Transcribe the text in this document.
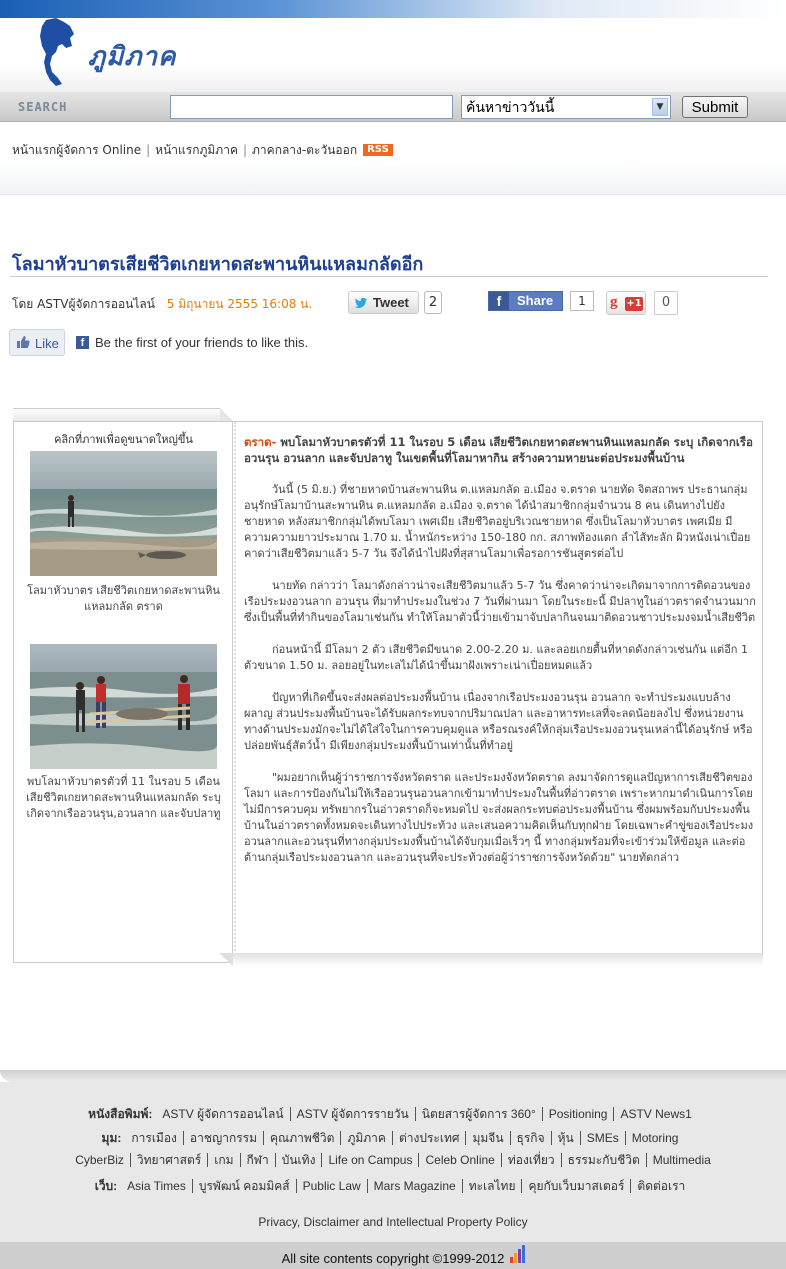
ภูมิภาค
SEARCH	ค้นหาข่าววันนี้	▼	Submit
หน้าแรกผู้จัดการ Online | หน้าแรกภูมิภาค | ภาคกลาง-ตะวันออก RSS
โลมาหัวบาตรเสียชีวิตเกยหาดสะพานหินแหลมกลัดอีก
โดย ASTVผู้จัดการออนไลน์ 5 มิถุนายน 2555 16:08 น.	Tweet	2	f	Share	1	g +1	0
Like	f Be the first of your friends to like this.
คลิกที่ภาพเพื่อดูขนาดใหญ่ขึ้น
โลมาหัวบาตร เสียชีวิตเกยหาดสะพานหินแหลมกลัด ตราด
พบโลมาหัวบาตรตัวที่ 11 ในรอบ 5 เดือน เสียชีวิตเกยหาดสะพานหินแหลมกลัด ระบุเกิดจากเรืออวนรุน,อวนลาก และจับปลาทู
ตราด- พบโลมาหัวบาตรตัวที่ 11 ในรอบ 5 เดือน เสียชีวิตเกยหาดสะพานหินแหลมกลัด ระบุ เกิดจากเรืออวนรุน อวนลาก และจับปลาทู ในเขตพื้นที่โลมาหากิน สร้างความหายนะต่อประมงพื้นบ้าน

วันนี้ (5 มิ.ย.) ที่ชายหาดบ้านสะพานหิน ต.แหลมกลัด อ.เมือง จ.ตราด นายทัด จิตสถาพร ประธานกลุ่มอนุรักษ์โลมาบ้านสะพานหิน ต.แหลมกลัด อ.เมือง จ.ตราด ได้นำสมาชิกกลุ่มจำนวน 8 คน เดินทางไปยังชายหาด หลังสมาชิกกลุ่มได้พบโลมา เพศเมีย เสียชีวิตอยู่บริเวณชายหาด ซึ่งเป็นโลมาหัวบาตร เพศเมีย มีความความยาวประมาณ 1.70 ม. น้ำหนักระหว่าง 150-180 กก. สภาพท้องแตก ลำไส้ทะลัก ผิวหนังเน่าเปื่อย คาดว่าเสียชีวิตมาแล้ว 5-7 วัน จึงได้นำไปฝังที่สุสานโลมาเพื่อรอการชันสูตรต่อไป

นายทัด กล่าวว่า โลมาดังกล่าวน่าจะเสียชีวิตมาแล้ว 5-7 วัน ซึ่งคาดว่าน่าจะเกิดมาจากการติดอวนของเรือประมงอวนลาก อวนรุน ที่มาทำประมงในช่วง 7 วันที่ผ่านมา โดยในระยะนี้ มีปลาทูในอ่าวตราดจำนวนมาก ซึ่งเป็นพื้นที่ทำกินของโลมาเช่นกัน ทำให้โลมาตัวนี้ว่ายเข้ามาจับปลากินจนมาติดอวนชาวประมงจมน้ำเสียชีวิต

ก่อนหน้านี้ มีโลมา 2 ตัว เสียชีวิตมีขนาด 2.00-2.20 ม. และลอยเกยตื้นที่หาดดังกล่าวเช่นกัน แต่อีก 1 ตัวขนาด 1.50 ม. ลอยอยู่ในทะเลไม่ได้นำขึ้นมาฝังเพราะเน่าเปื่อยหมดแล้ว

ปัญหาที่เกิดขึ้นจะส่งผลต่อประมงพื้นบ้าน เนื่องจากเรือประมงอวนรุน อวนลาก จะทำประมงแบบล้างผลาญ ส่วนประมงพื้นบ้านจะได้รับผลกระทบจากปริมาณปลา และอาหารทะเลที่จะลดน้อยลงไป ซึ่งหน่วยงานทางด้านประมงมักจะไม่ได้ใส่ใจในการควบคุมดูแล หรือรณรงค์ให้กลุ่มเรือประมงอวนรุนเหล่านี้ได้อนุรักษ์ หรือปล่อยพันธุ์สัตว์น้ำ มีเพียงกลุ่มประมงพื้นบ้านเท่านั้นที่ทำอยู่

"ผมอยากเห็นผู้ว่าราชการจังหวัดตราด และประมงจังหวัดตราด ลงมาจัดการดูแลปัญหาการเสียชีวิตของโลมา และการป้องกันไม่ให้เรืออวนรุนอวนลากเข้ามาทำประมงในพื้นที่อ่าวตราด เพราะหากมาดำเนินการโดยไม่มีการควบคุม ทรัพยากรในอ่าวตราดก็จะหมดไป จะส่งผลกระทบต่อประมงพื้นบ้าน ซึ่งผมพร้อมกับประมงพื้นบ้านในอ่าวตราดทั้งหมดจะเดินทางไปประท้วง และเสนอความคิดเห็นกับทุกฝ่าย โดยเฉพาะคำขู่ของเรือประมงอวนลากและอวนรุนที่ทางกลุ่มประมงพื้นบ้านได้จับกุมเมื่อเร็วๆ นี้ ทางกลุ่มพร้อมที่จะเข้าร่วมให้ข้อมูล และต่อต้านกลุ่มเรือประมงอวนลาก และอวนรุนที่จะประท้วงต่อผู้ว่าราชการจังหวัดด้วย" นายทัดกล่าว

หนังสือพิมพ์: ASTV ผู้จัดการออนไลน์ ASTV ผู้จัดการรายวัน นิตยสารผู้จัดการ 360° Positioning ASTV News1
มุม: การเมือง อาชญากรรม คุณภาพชีวิต ภูมิภาค ต่างประเทศ มุมจีน ธุรกิจ หุ้น SMEs Motoring
CyberBiz วิทยาศาสตร์ เกม กีฬา บันเทิง Life on Campus Celeb Online ท่องเที่ยว ธรรมะกับชีวิต Multimedia
เว็บ: Asia Times บูรพัฒน์ คอมมิคส์ Public Law Mars Magazine ทะเลไทย คุยกับเว็บมาสเตอร์ ติดต่อเรา
Privacy, Disclaimer and Intellectual Property Policy
All site contents copyright ©1999-2012
